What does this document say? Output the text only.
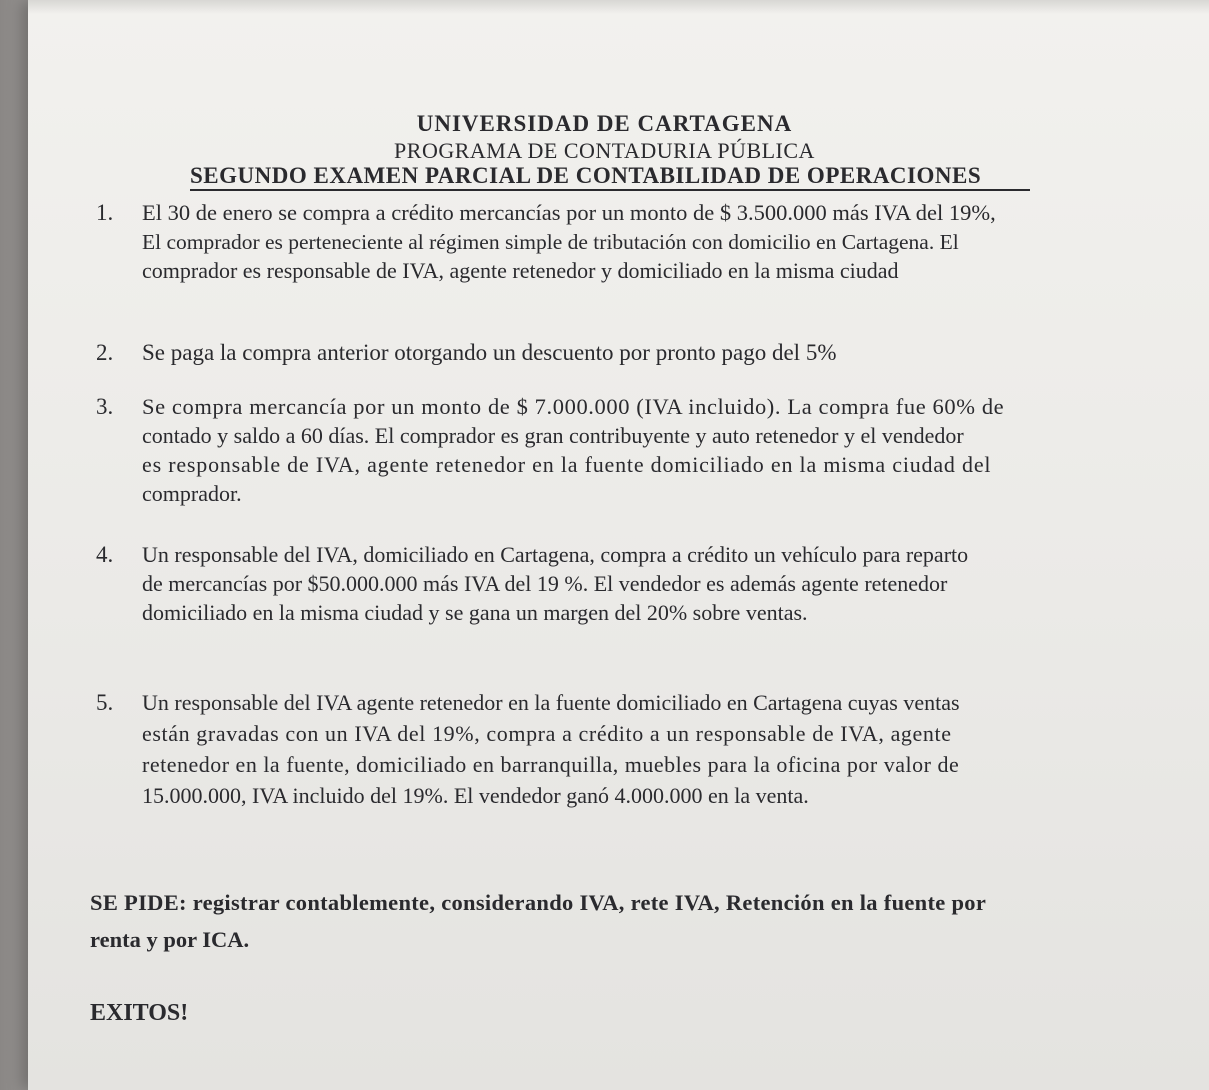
UNIVERSIDAD DE CARTAGENA
PROGRAMA DE CONTADURIA PÚBLICA
SEGUNDO EXAMEN PARCIAL DE CONTABILIDAD DE OPERACIONES
1. El 30 de enero se compra a crédito mercancías por un monto de $ 3.500.000 más IVA del 19%,
El comprador es perteneciente al régimen simple de tributación con domicilio en Cartagena. El
comprador es responsable de IVA, agente retenedor y domiciliado en la misma ciudad
2. Se paga la compra anterior otorgando un descuento por pronto pago del 5%
3. Se compra mercancía por un monto de $ 7.000.000 (IVA incluido). La compra fue 60% de
contado y saldo a 60 días. El comprador es gran contribuyente y auto retenedor y el vendedor
es responsable de IVA, agente retenedor en la fuente domiciliado en la misma ciudad del
comprador.
4. Un responsable del IVA, domiciliado en Cartagena, compra a crédito un vehículo para reparto
de mercancías por $50.000.000 más IVA del 19 %. El vendedor es además agente retenedor
domiciliado en la misma ciudad y se gana un margen del 20% sobre ventas.
5. Un responsable del IVA agente retenedor en la fuente domiciliado en Cartagena cuyas ventas
están gravadas con un IVA del 19%, compra a crédito a un responsable de IVA, agente
retenedor en la fuente, domiciliado en barranquilla, muebles para la oficina por valor de
15.000.000, IVA incluido del 19%. El vendedor ganó 4.000.000 en la venta.
SE PIDE: registrar contablemente, considerando IVA, rete IVA, Retención en la fuente por
renta y por ICA.
EXITOS!
